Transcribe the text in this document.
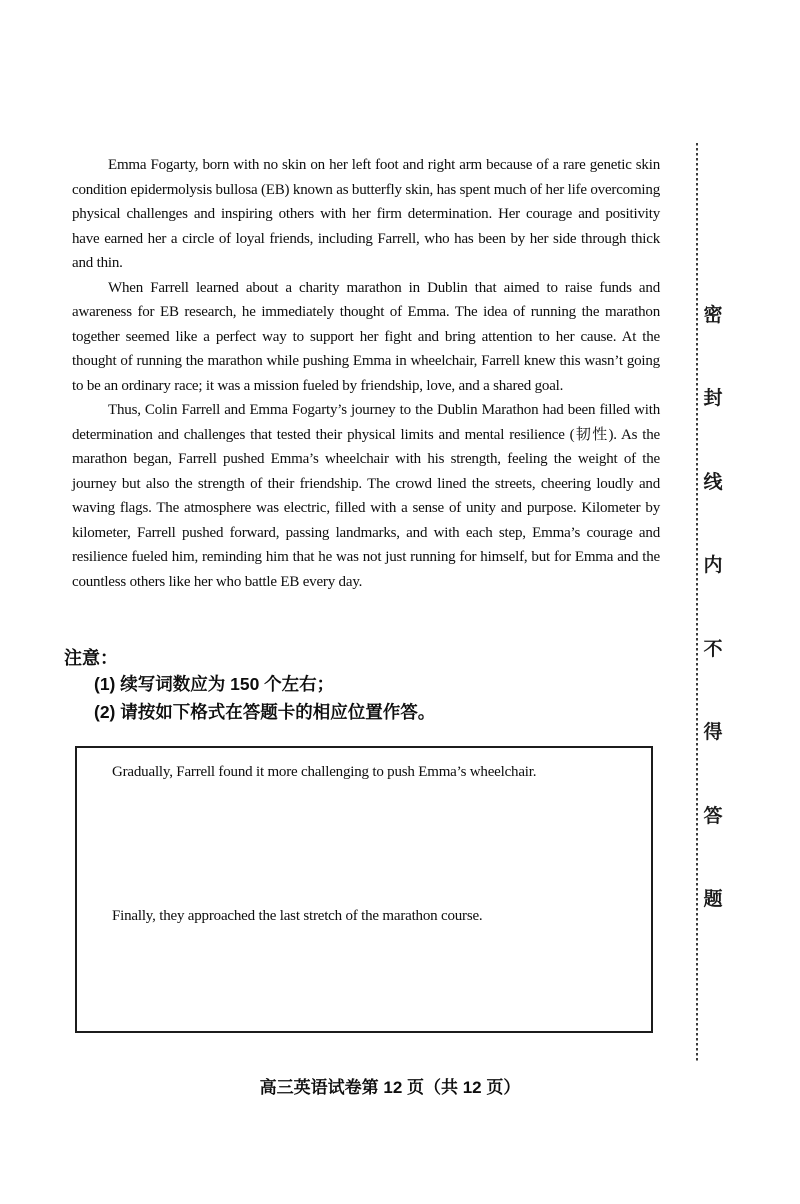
Emma Fogarty, born with no skin on her left foot and right arm because of a rare genetic skin condition epidermolysis bullosa (EB) known as butterfly skin, has spent much of her life overcoming physical challenges and inspiring others with her firm determination. Her courage and positivity have earned her a circle of loyal friends, including Farrell, who has been by her side through thick and thin.

When Farrell learned about a charity marathon in Dublin that aimed to raise funds and awareness for EB research, he immediately thought of Emma. The idea of running the marathon together seemed like a perfect way to support her fight and bring attention to her cause. At the thought of running the marathon while pushing Emma in wheelchair, Farrell knew this wasn’t going to be an ordinary race; it was a mission fueled by friendship, love, and a shared goal.

Thus, Colin Farrell and Emma Fogarty’s journey to the Dublin Marathon had been filled with determination and challenges that tested their physical limits and mental resilience (韧性). As the marathon began, Farrell pushed Emma’s wheelchair with his strength, feeling the weight of the journey but also the strength of their friendship. The crowd lined the streets, cheering loudly and waving flags. The atmosphere was electric, filled with a sense of unity and purpose. Kilometer by kilometer, Farrell pushed forward, passing landmarks, and with each step, Emma’s courage and resilience fueled him, reminding him that he was not just running for himself, but for Emma and the countless others like her who battle EB every day.

注意：
(1) 续写词数应为 150 个左右；
(2) 请按如下格式在答题卡的相应位置作答。

Gradually, Farrell found it more challenging to push Emma’s wheelchair.

Finally, they approached the last stretch of the marathon course.

密
封
线
内
不
得
答
题
高三英语试卷第 12 页（共 12 页）
